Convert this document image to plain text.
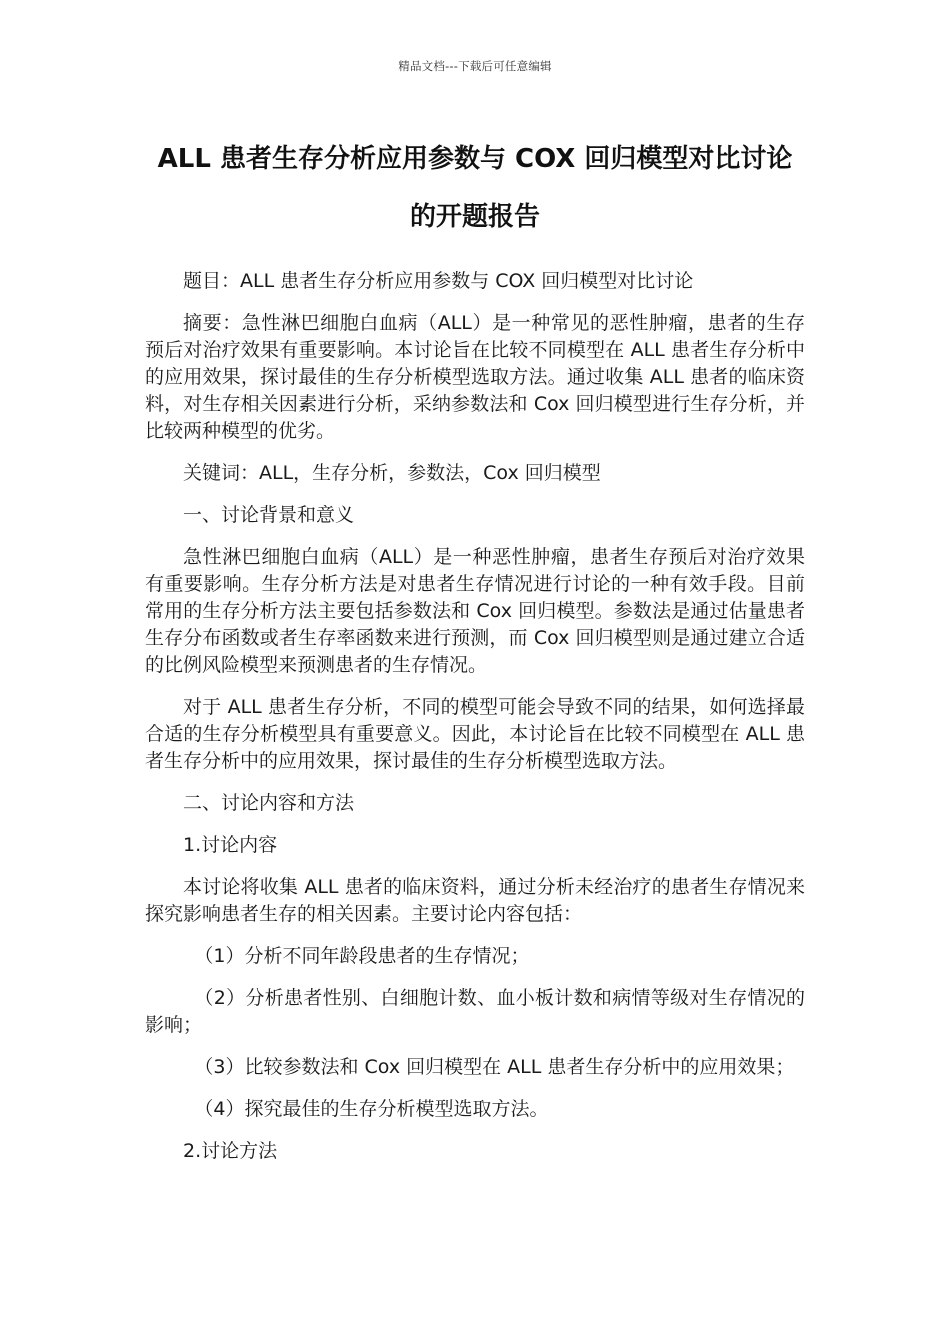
精品文档---下载后可任意编辑
ALL 患者生存分析应用参数与 COX 回归模型对比讨论的开题报告

题目：ALL 患者生存分析应用参数与 COX 回归模型对比讨论

摘要：急性淋巴细胞白血病（ALL）是一种常见的恶性肿瘤，患者的生存预后对治疗效果有重要影响。本讨论旨在比较不同模型在 ALL 患者生存分析中的应用效果，探讨最佳的生存分析模型选取方法。通过收集 ALL 患者的临床资料，对生存相关因素进行分析，采纳参数法和 Cox 回归模型进行生存分析，并比较两种模型的优劣。

关键词：ALL，生存分析，参数法，Cox 回归模型

一、讨论背景和意义

急性淋巴细胞白血病（ALL）是一种恶性肿瘤，患者生存预后对治疗效果有重要影响。生存分析方法是对患者生存情况进行讨论的一种有效手段。目前常用的生存分析方法主要包括参数法和 Cox 回归模型。参数法是通过估量患者生存分布函数或者生存率函数来进行预测，而 Cox 回归模型则是通过建立合适的比例风险模型来预测患者的生存情况。

对于 ALL 患者生存分析，不同的模型可能会导致不同的结果，如何选择最合适的生存分析模型具有重要意义。因此，本讨论旨在比较不同模型在 ALL 患者生存分析中的应用效果，探讨最佳的生存分析模型选取方法。

二、讨论内容和方法

1.讨论内容

本讨论将收集 ALL 患者的临床资料，通过分析未经治疗的患者生存情况来探究影响患者生存的相关因素。主要讨论内容包括：

（1）分析不同年龄段患者的生存情况；

（2）分析患者性别、白细胞计数、血小板计数和病情等级对生存情况的影响；

（3）比较参数法和 Cox 回归模型在 ALL 患者生存分析中的应用效果；

（4）探究最佳的生存分析模型选取方法。

2.讨论方法
